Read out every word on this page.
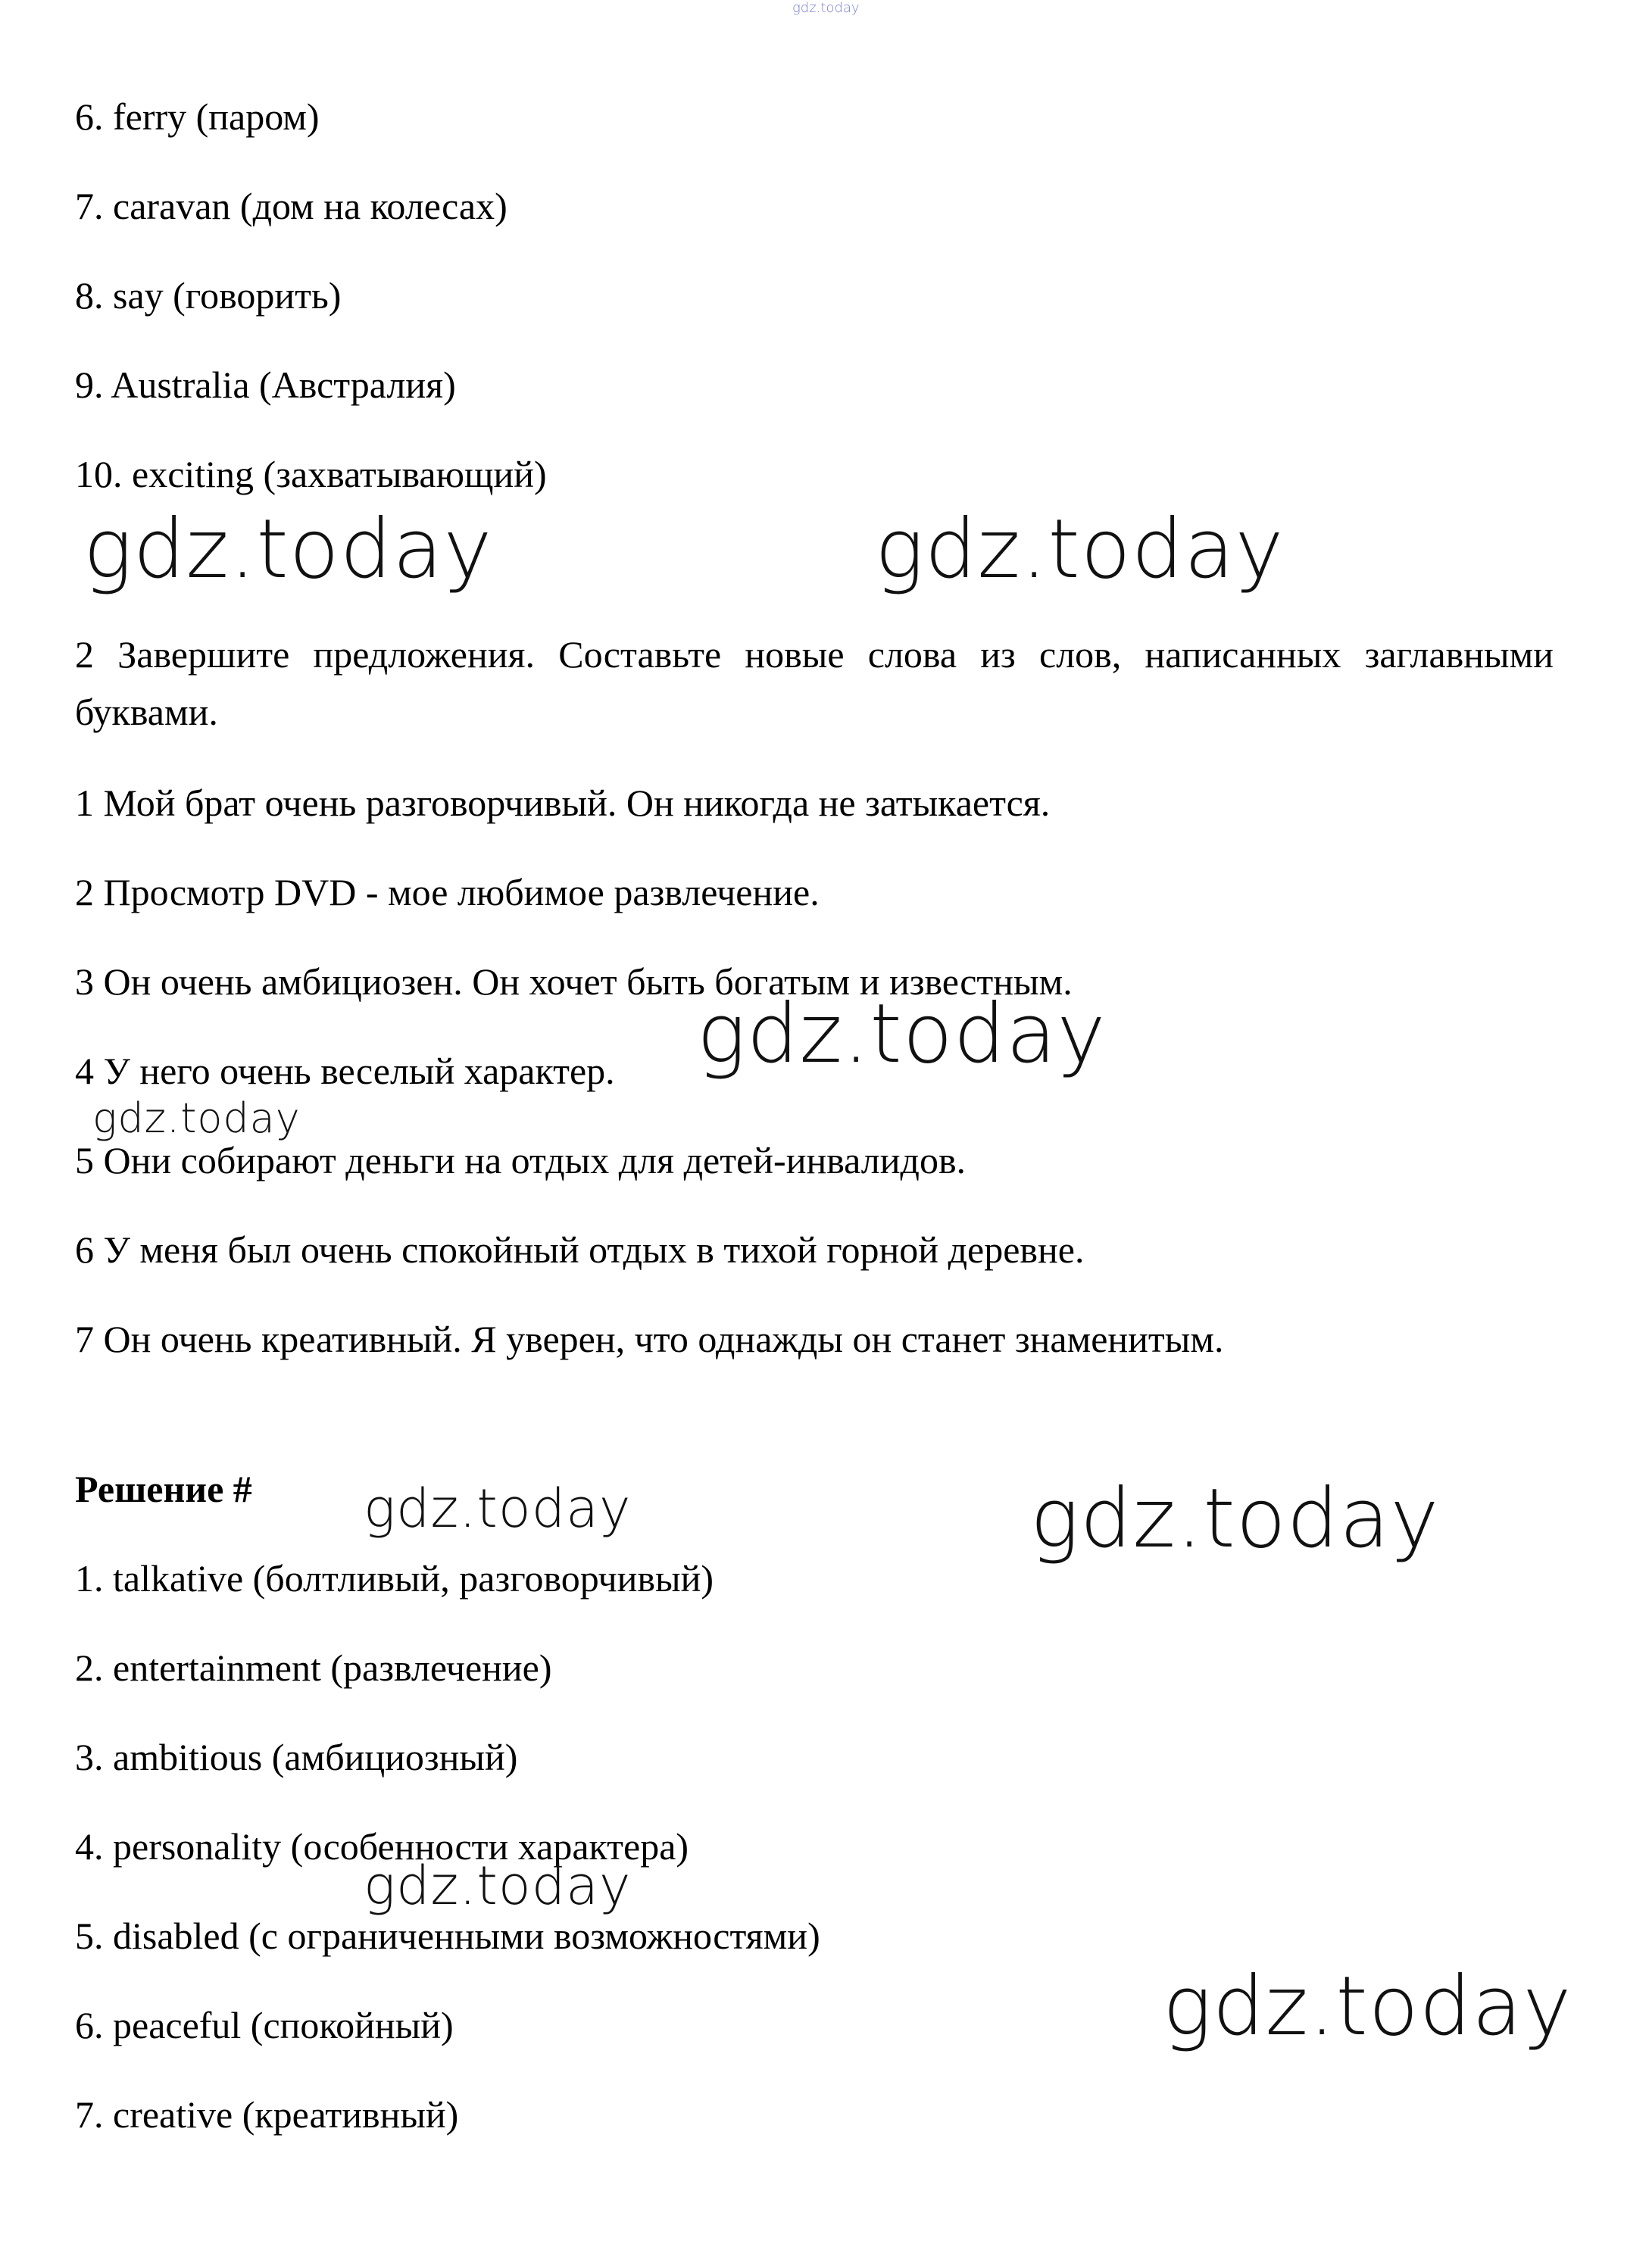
gdz.today

6. ferry (паром)

7. caravan (дом на колесах)

8. say (говорить)

9. Australia (Австралия)

10. exciting (захватывающий)

gdz.today	gdz.today

2 Завершите предложения. Составьте новые слова из слов, написанных заглавными буквами.

1 Мой брат очень разговорчивый. Он никогда не затыкается.

2 Просмотр DVD - мое любимое развлечение.

3 Он очень амбициозен. Он хочет быть богатым и известным.

4 У него очень веселый характер.

5 Они собирают деньги на отдых для детей-инвалидов.

6 У меня был очень спокойный отдых в тихой горной деревне.

7 Он очень креативный. Я уверен, что однажды он станет знаменитым.

gdz.today
gdz.today

Решение # gdz.today	gdz.today

1. talkative (болтливый, разговорчивый)

2. entertainment (развлечение)

3. ambitious (амбициозный)

4. personality (особенности характера)

5. disabled (с ограниченными возможностями)

6. peaceful (спокойный)

7. creative (креативный)

gdz.today
gdz.today
